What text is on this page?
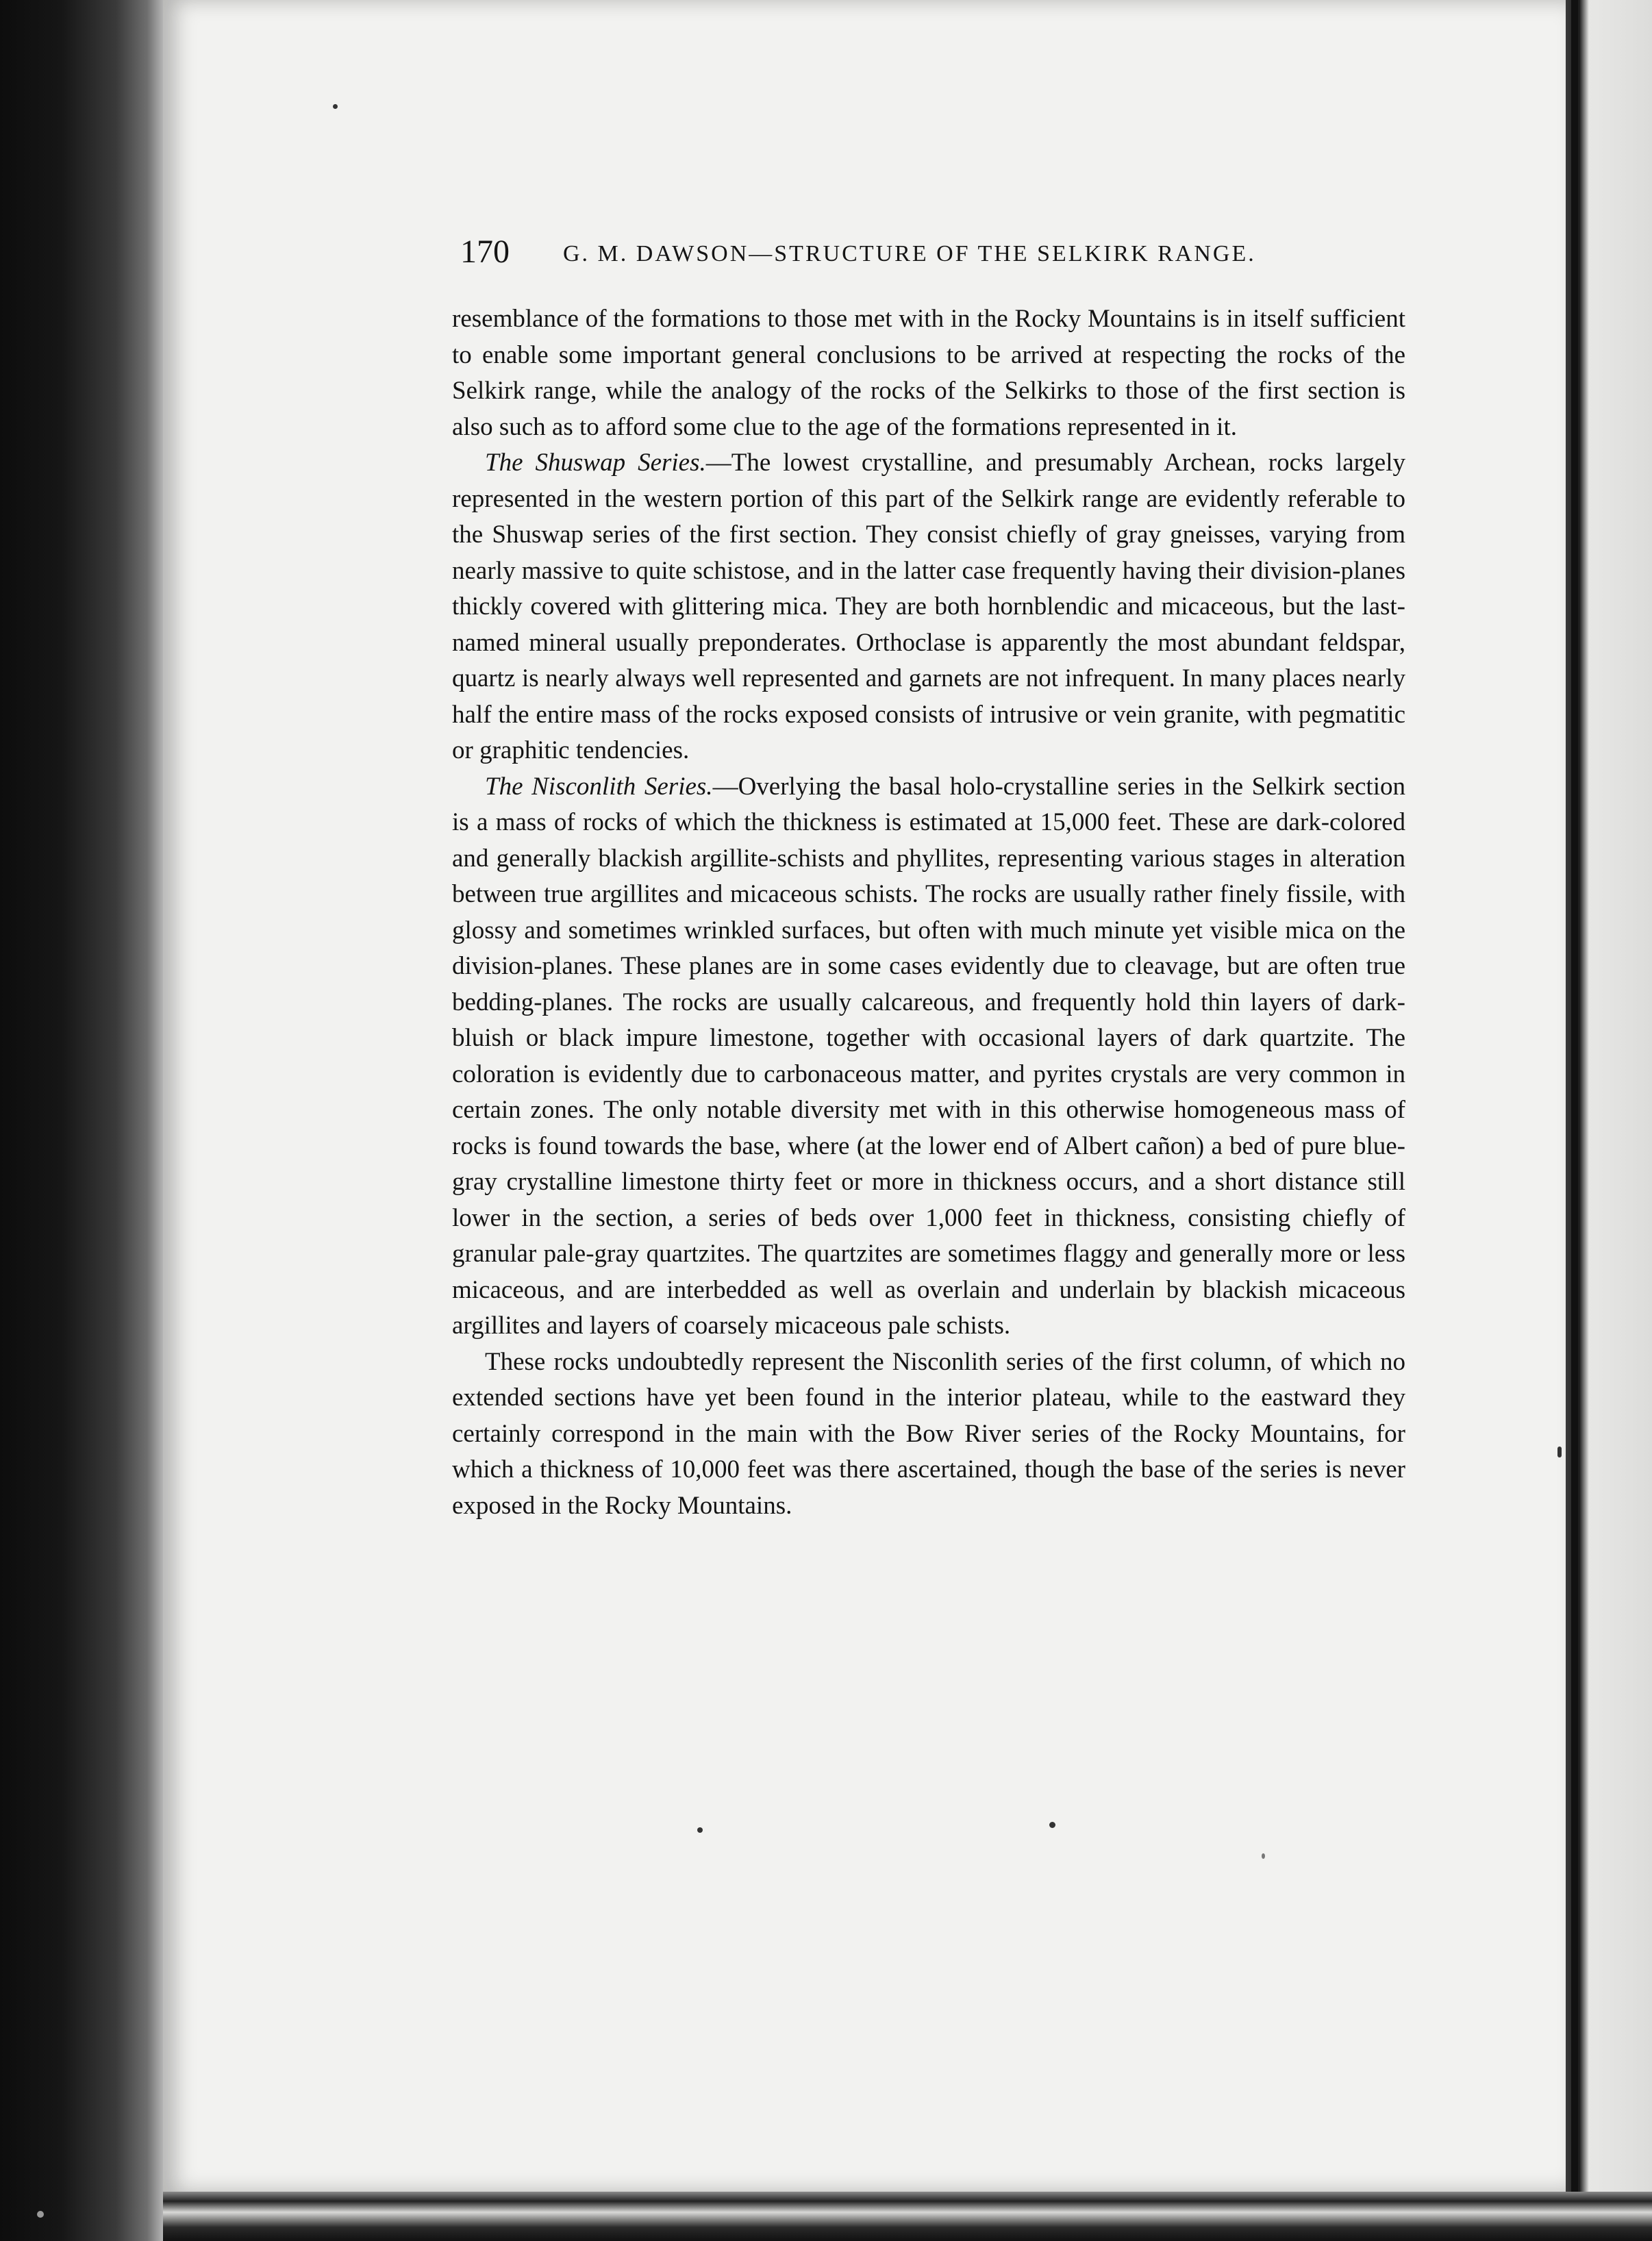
170 G. M. DAWSON—STRUCTURE OF THE SELKIRK RANGE.

resemblance of the formations to those met with in the Rocky Mountains is in itself sufficient to enable some important general conclusions to be arrived at respecting the rocks of the Selkirk range, while the analogy of the rocks of the Selkirks to those of the first section is also such as to afford some clue to the age of the formations represented in it.

The Shuswap Series.—The lowest crystalline, and presumably Archean, rocks largely represented in the western portion of this part of the Selkirk range are evidently referable to the Shuswap series of the first section. They consist chiefly of gray gneisses, varying from nearly massive to quite schistose, and in the latter case frequently having their division-planes thickly covered with glittering mica. They are both hornblendic and micaceous, but the last-named mineral usually preponderates. Orthoclase is apparently the most abundant feldspar, quartz is nearly always well represented and garnets are not infrequent. In many places nearly half the entire mass of the rocks exposed consists of intrusive or vein granite, with pegmatitic or graphitic tendencies.

The Nisconlith Series.—Overlying the basal holo-crystalline series in the Selkirk section is a mass of rocks of which the thickness is estimated at 15,000 feet. These are dark-colored and generally blackish argillite-schists and phyllites, representing various stages in alteration between true argillites and micaceous schists. The rocks are usually rather finely fissile, with glossy and sometimes wrinkled surfaces, but often with much minute yet visible mica on the division-planes. These planes are in some cases evidently due to cleavage, but are often true bedding-planes. The rocks are usually calcareous, and frequently hold thin layers of dark-bluish or black impure limestone, together with occasional layers of dark quartzite. The coloration is evidently due to carbonaceous matter, and pyrites crystals are very common in certain zones. The only notable diversity met with in this otherwise homogeneous mass of rocks is found towards the base, where (at the lower end of Albert cañon) a bed of pure blue-gray crystalline limestone thirty feet or more in thickness occurs, and a short distance still lower in the section, a series of beds over 1,000 feet in thickness, consisting chiefly of granular pale-gray quartzites. The quartzites are sometimes flaggy and generally more or less micaceous, and are interbedded as well as overlain and underlain by blackish micaceous argillites and layers of coarsely micaceous pale schists.

These rocks undoubtedly represent the Nisconlith series of the first column, of which no extended sections have yet been found in the interior plateau, while to the eastward they certainly correspond in the main with the Bow River series of the Rocky Mountains, for which a thickness of 10,000 feet was there ascertained, though the base of the series is never exposed in the Rocky Mountains.
